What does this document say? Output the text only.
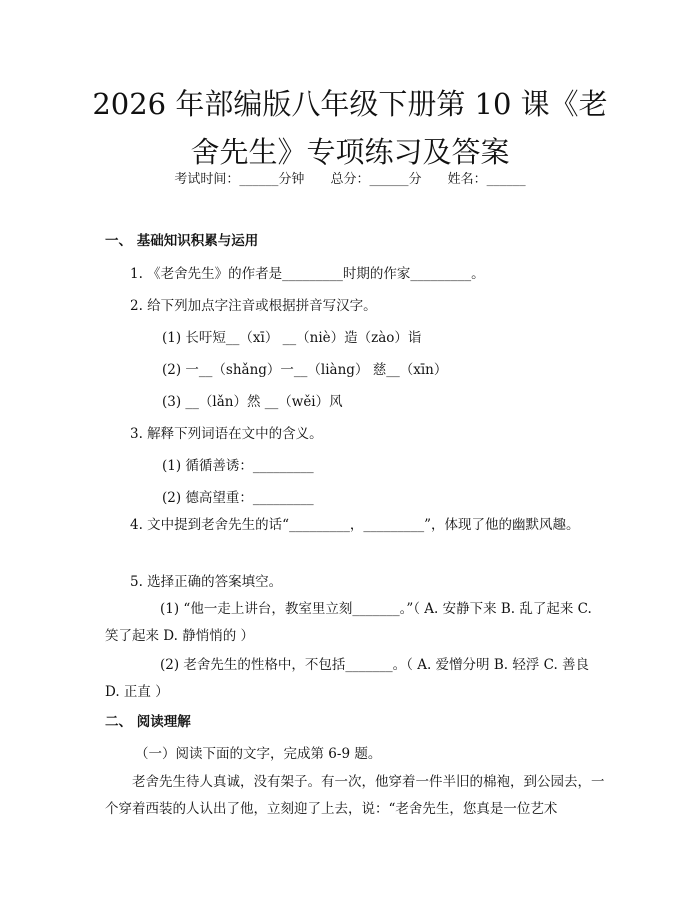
2026 年部编版八年级下册第 10 课《老舍先生》专项练习及答案
考试时间：______分钟 总分：______分 姓名：______
一、 基础知识积累与运用
1. 《老舍先生》的作者是_________时期的作家_________。
2. 给下列加点字注音或根据拼音写汉字。
(1) 长吁短__（xī） __（niè）造（zào）诣
(2) 一__（shǎng）一__（liàng） 慈__（xīn）
(3) __（lǎn）然 __（wěi）风
3. 解释下列词语在文中的含义。
(1) 循循善诱：_________
(2) 德高望重：_________
4. 文中提到老舍先生的话“_________，_________”，体现了他的幽默风趣。
5. 选择正确的答案填空。
(1) “他一走上讲台，教室里立刻_______。”（ A. 安静下来 B. 乱了起来 C. 笑了起来 D. 静悄悄的 ）
(2) 老舍先生的性格中，不包括_______。（ A. 爱憎分明 B. 轻浮 C. 善良 D. 正直 ）
二、 阅读理解
（一）阅读下面的文字，完成第 6-9 题。
老舍先生待人真诚，没有架子。有一次，他穿着一件半旧的棉袍，到公园去，一个穿着西装的人认出了他，立刻迎了上去，说：“老舍先生，您真是一位艺术
